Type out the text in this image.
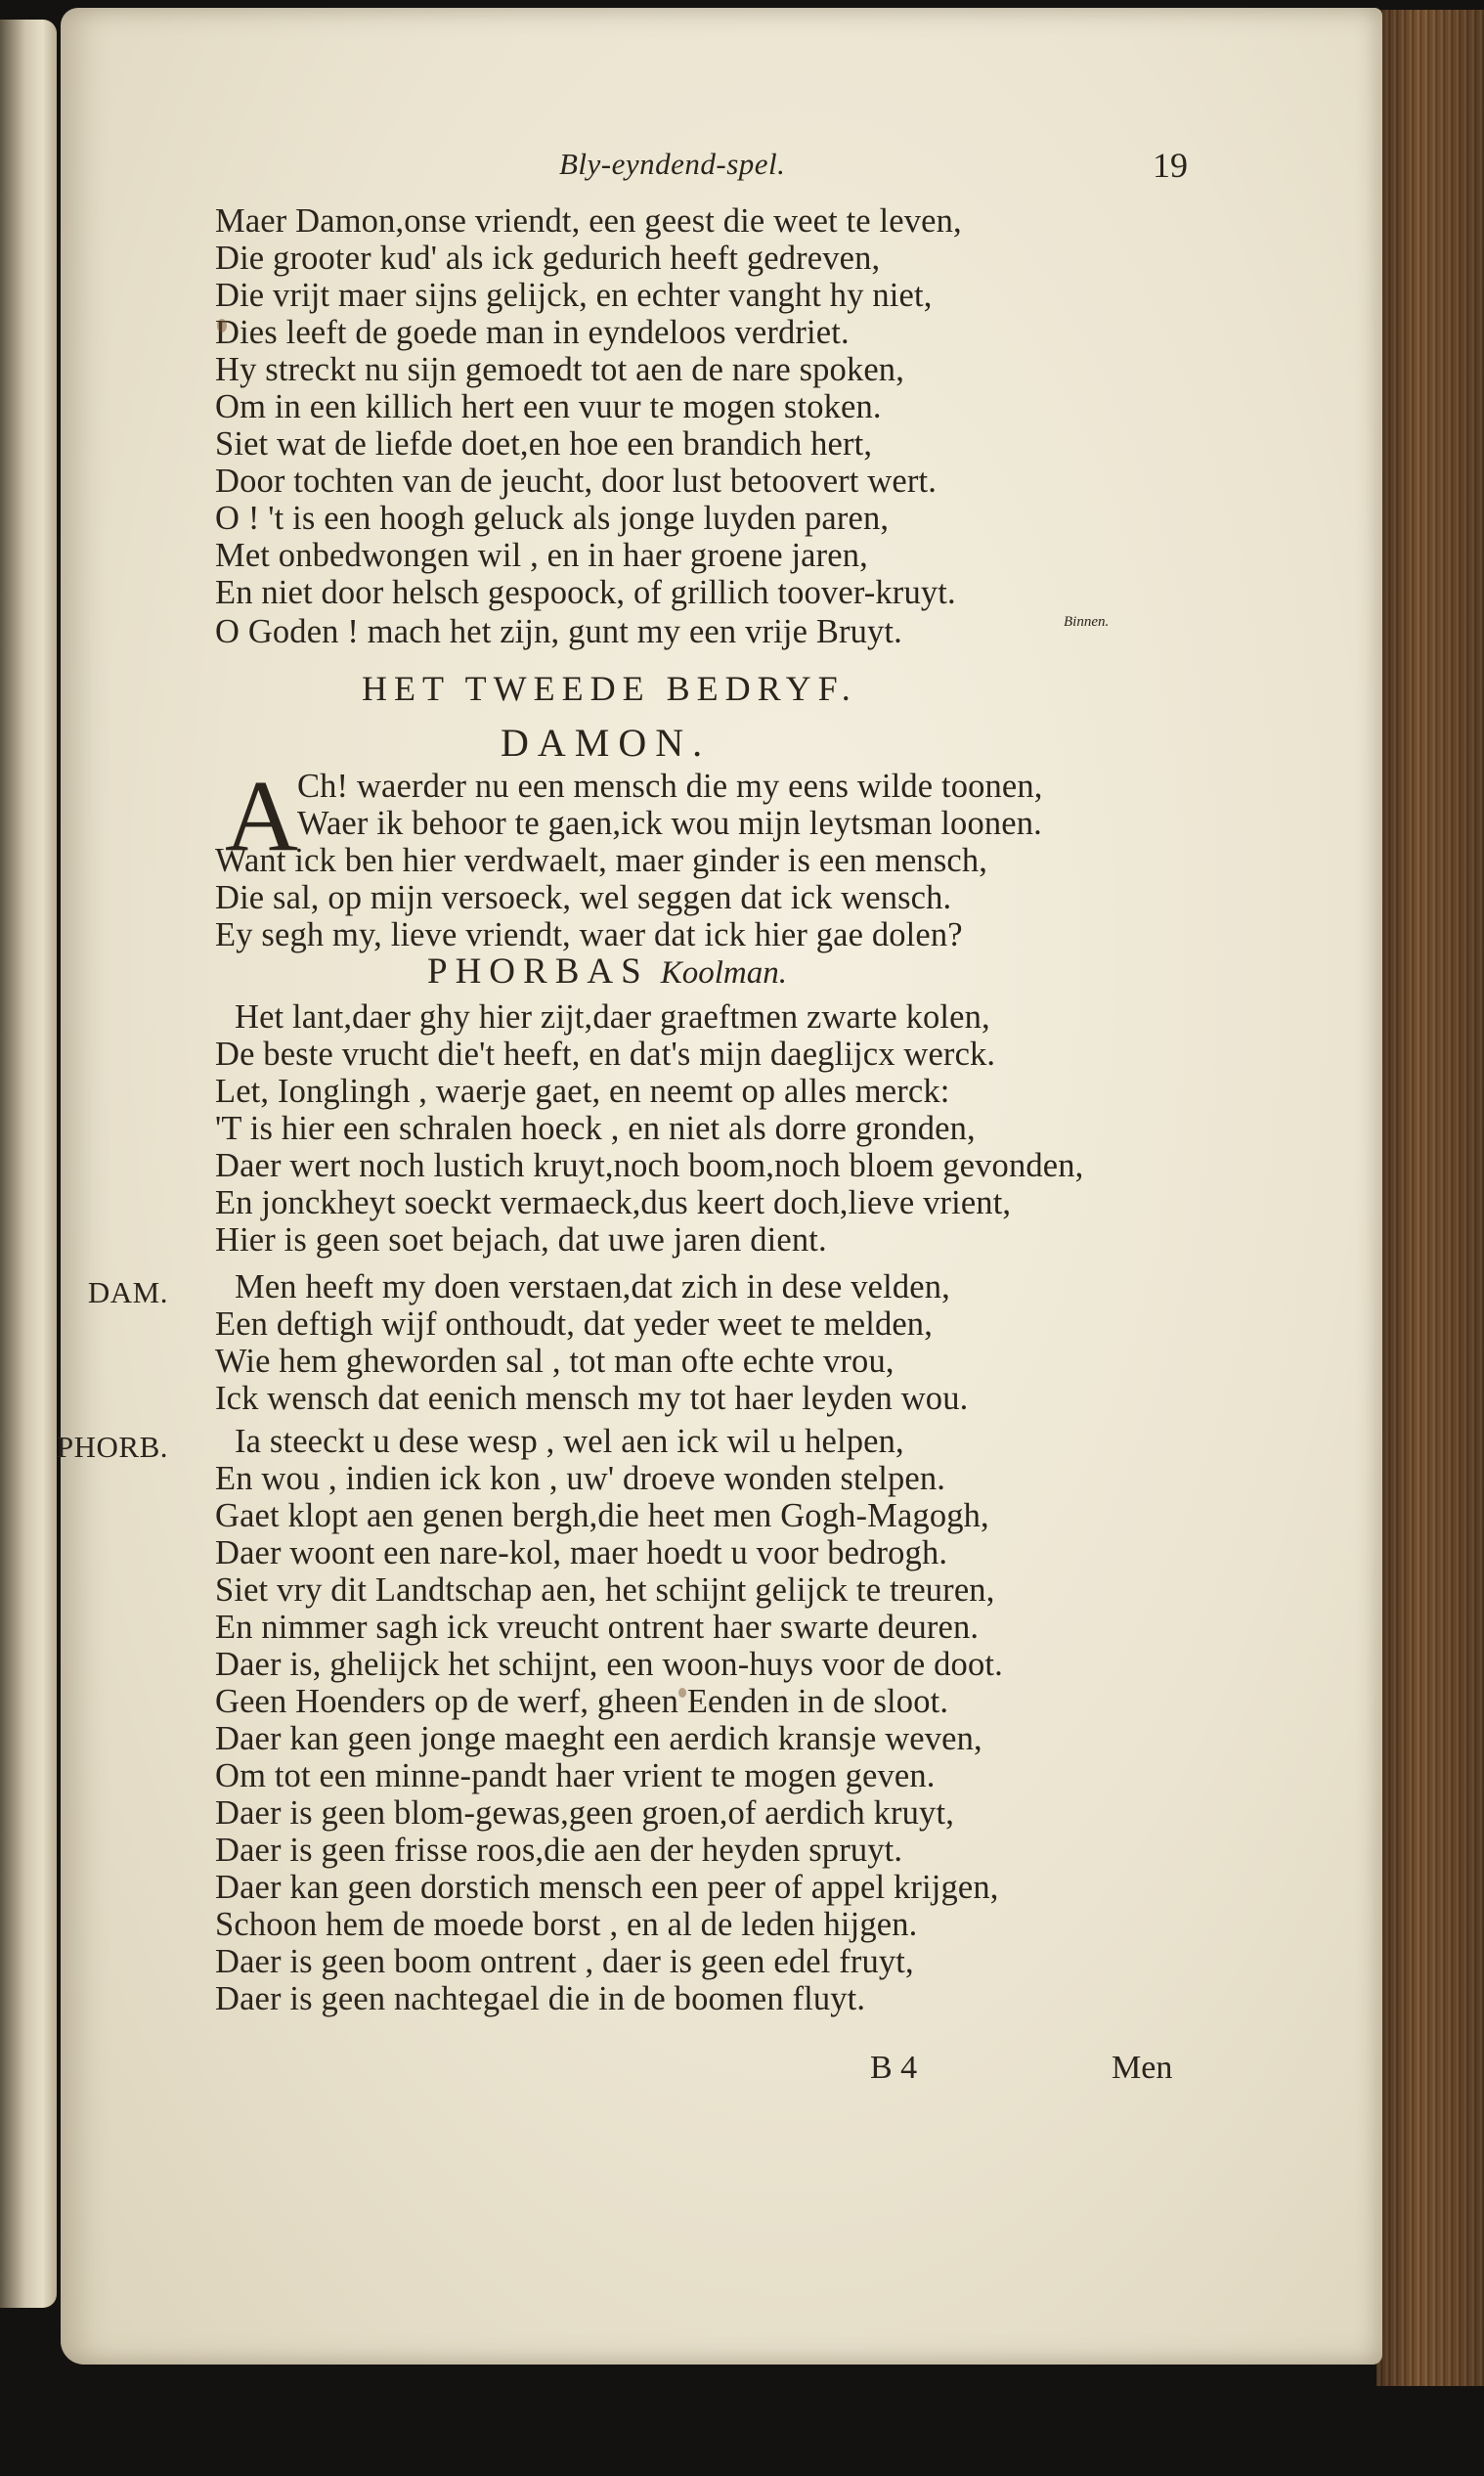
Bly-eyndend-spel.	19
Maer Damon,onse vriendt, een geest die weet te leven,
Die grooter kud' als ick gedurich heeft gedreven,
Die vrijt maer sijns gelijck, en echter vanght hy niet,
Dies leeft de goede man in eyndeloos verdriet.
Hy streckt nu sijn gemoedt tot aen de nare spoken,
Om in een killich hert een vuur te mogen stoken.
Siet wat de liefde doet,en hoe een brandich hert,
Door tochten van de jeucht, door lust betoovert wert.
O ! 't is een hoogh geluck als jonge luyden paren,
Met onbedwongen wil , en in haer groene jaren,
En niet door helsch gespoock, of grillich toover-kruyt.
O Goden ! mach het zijn, gunt my een vrije Bruyt.	Binnen.
HET TWEEDE BEDRYF.
DAMON.
A
Ch! waerder nu een mensch die my eens wilde toonen,
Waer ik behoor te gaen,ick wou mijn leytsman loonen.
Want ick ben hier verdwaelt, maer ginder is een mensch,
Die sal, op mijn versoeck, wel seggen dat ick wensch.
Ey segh my, lieve vriendt, waer dat ick hier gae dolen?
PHORBAS Koolman.
Het lant,daer ghy hier zijt,daer graeftmen zwarte kolen,
De beste vrucht die't heeft, en dat's mijn daeglijcx werck.
Let, Ionglingh , waerje gaet, en neemt op alles merck:
'T is hier een schralen hoeck , en niet als dorre gronden,
Daer wert noch lustich kruyt,noch boom,noch bloem gevonden,
En jonckheyt soeckt vermaeck,dus keert doch,lieve vrient,
Hier is geen soet bejach, dat uwe jaren dient.
DAM. Men heeft my doen verstaen,dat zich in dese velden,
Een deftigh wijf onthoudt, dat yeder weet te melden,
Wie hem gheworden sal , tot man ofte echte vrou,
Ick wensch dat eenich mensch my tot haer leyden wou.
PHORB. Ia steeckt u dese wesp , wel aen ick wil u helpen,
En wou , indien ick kon , uw' droeve wonden stelpen.
Gaet klopt aen genen bergh,die heet men Gogh-Magogh,
Daer woont een nare-kol, maer hoedt u voor bedrogh.
Siet vry dit Landtschap aen, het schijnt gelijck te treuren,
En nimmer sagh ick vreucht ontrent haer swarte deuren.
Daer is, ghelijck het schijnt, een woon-huys voor de doot.
Geen Hoenders op de werf, gheen Eenden in de sloot.
Daer kan geen jonge maeght een aerdich kransje weven,
Om tot een minne-pandt haer vrient te mogen geven.
Daer is geen blom-gewas,geen groen,of aerdich kruyt,
Daer is geen frisse roos,die aen der heyden spruyt.
Daer kan geen dorstich mensch een peer of appel krijgen,
Schoon hem de moede borst , en al de leden hijgen.
Daer is geen boom ontrent , daer is geen edel fruyt,
Daer is geen nachtegael die in de boomen fluyt.
B 4	Men
